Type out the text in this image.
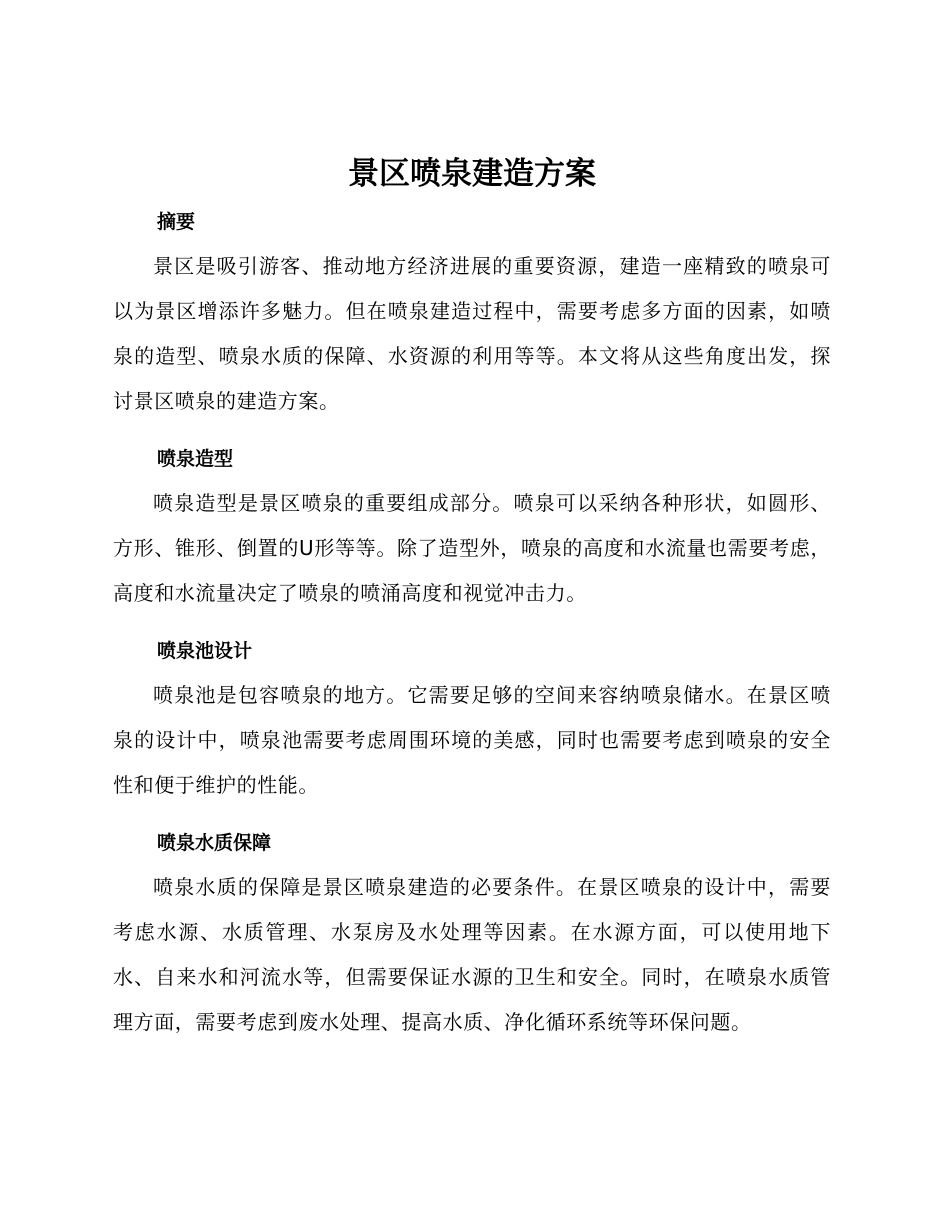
景区喷泉建造方案
摘要

景区是吸引游客、推动地方经济进展的重要资源，建造一座精致的喷泉可以为景区增添许多魅力。但在喷泉建造过程中，需要考虑多方面的因素，如喷泉的造型、喷泉水质的保障、水资源的利用等等。本文将从这些角度出发，探讨景区喷泉的建造方案。

喷泉造型

喷泉造型是景区喷泉的重要组成部分。喷泉可以采纳各种形状，如圆形、方形、锥形、倒置的U形等等。除了造型外，喷泉的高度和水流量也需要考虑，高度和水流量决定了喷泉的喷涌高度和视觉冲击力。

喷泉池设计

喷泉池是包容喷泉的地方。它需要足够的空间来容纳喷泉储水。在景区喷泉的设计中，喷泉池需要考虑周围环境的美感，同时也需要考虑到喷泉的安全性和便于维护的性能。

喷泉水质保障

喷泉水质的保障是景区喷泉建造的必要条件。在景区喷泉的设计中，需要考虑水源、水质管理、水泵房及水处理等因素。在水源方面，可以使用地下水、自来水和河流水等，但需要保证水源的卫生和安全。同时，在喷泉水质管理方面，需要考虑到废水处理、提高水质、净化循环系统等环保问题。
